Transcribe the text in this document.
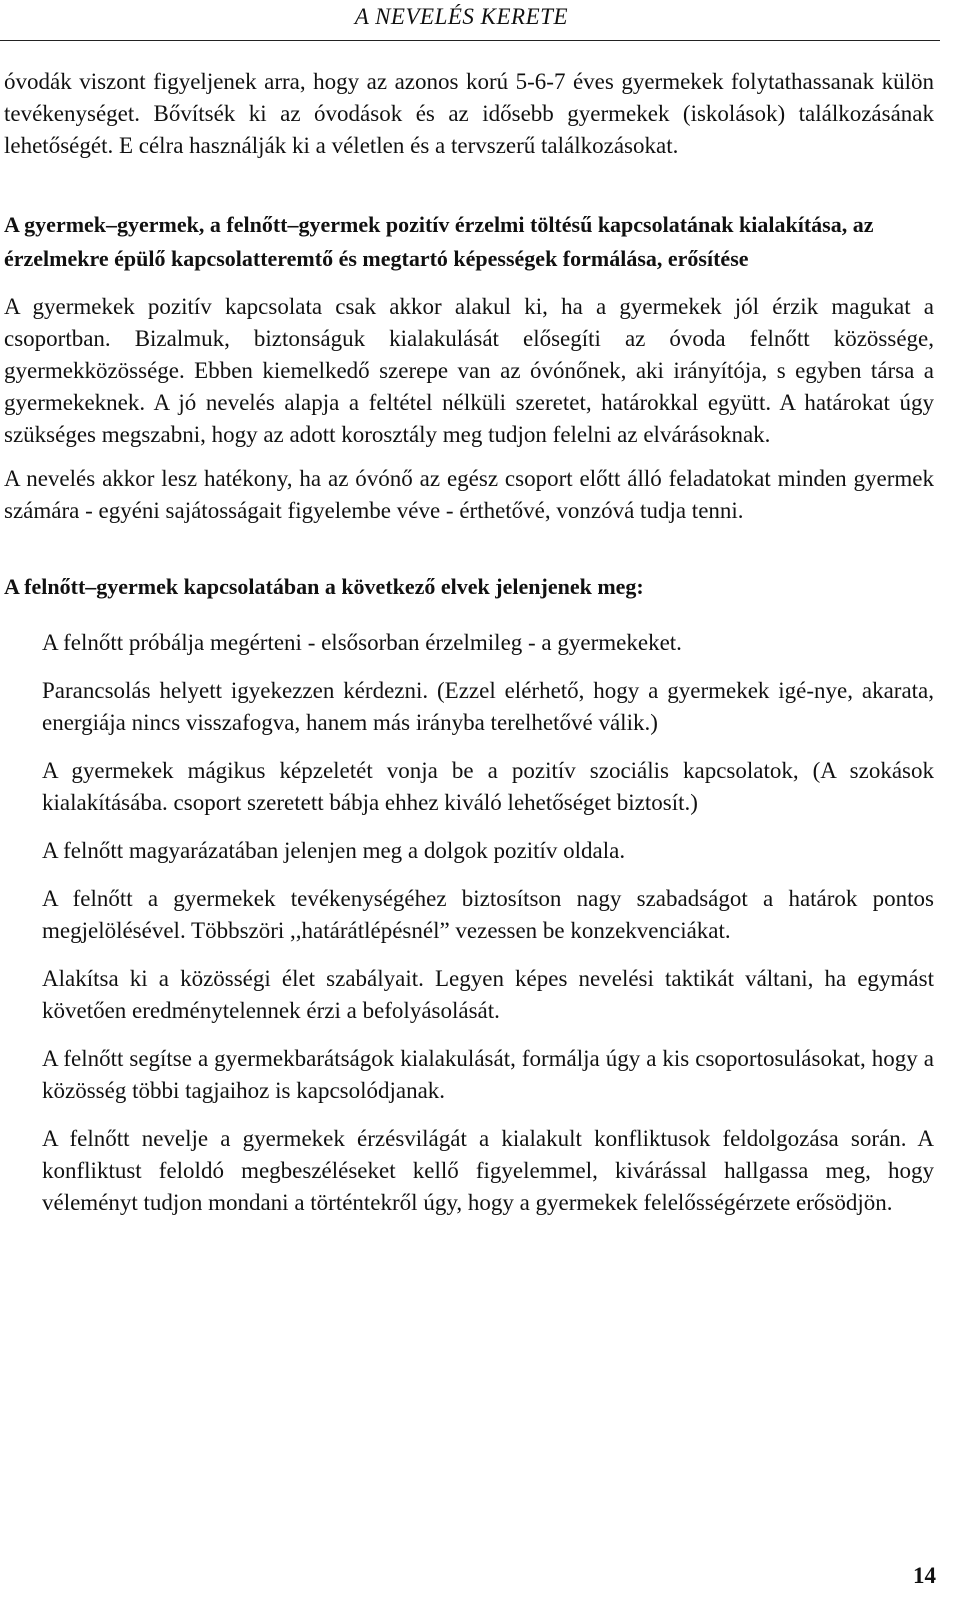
A NEVELÉS KERETE

óvodák viszont figyeljenek arra, hogy az azonos korú 5-6-7 éves gyermekek folytathassanak külön tevékenységet. Bővítsék ki az óvodások és az idősebb gyermekek (iskolások) találkozásának lehetőségét. E célra használják ki a véletlen és a tervszerű találkozásokat.

A gyermek–gyermek, a felnőtt–gyermek pozitív érzelmi töltésű kapcsolatának kialakítása, az érzelmekre épülő kapcsolatteremtő és megtartó képességek formálása, erősítése

A gyermekek pozitív kapcsolata csak akkor alakul ki, ha a gyermekek jól érzik magukat a csoportban. Bizalmuk, biztonságuk kialakulását elősegíti az óvoda felnőtt közössége, gyermekközössége. Ebben kiemelkedő szerepe van az óvónőnek, aki irányítója, s egyben társa a gyermekeknek. A jó nevelés alapja a feltétel nélküli szeretet, határokkal együtt. A határokat úgy szükséges megszabni, hogy az adott korosztály meg tudjon felelni az elvárásoknak.

A nevelés akkor lesz hatékony, ha az óvónő az egész csoport előtt álló feladatokat minden gyermek számára - egyéni sajátosságait figyelembe véve - érthetővé, vonzóvá tudja tenni.

A felnőtt–gyermek kapcsolatában a következő elvek jelenjenek meg:

A felnőtt próbálja megérteni - elsősorban érzelmileg - a gyermekeket.

Parancsolás helyett igyekezzen kérdezni. (Ezzel elérhető, hogy a gyermekek igé-nye, akarata, energiája nincs visszafogva, hanem más irányba terelhetővé válik.)

A gyermekek mágikus képzeletét vonja be a pozitív szociális kapcsolatok, (A szokások kialakításába. csoport szeretett bábja ehhez kiváló lehetőséget biztosít.)

A felnőtt magyarázatában jelenjen meg a dolgok pozitív oldala.

A felnőtt a gyermekek tevékenységéhez biztosítson nagy szabadságot a határok pontos megjelölésével. Többszöri ,,határátlépésnél” vezessen be konzekvenciákat.

Alakítsa ki a közösségi élet szabályait. Legyen képes nevelési taktikát váltani, ha egymást követően eredménytelennek érzi a befolyásolását.

A felnőtt segítse a gyermekbarátságok kialakulását, formálja úgy a kis csoportosulásokat, hogy a közösség többi tagjaihoz is kapcsolódjanak.

A felnőtt nevelje a gyermekek érzésvilágát a kialakult konfliktusok feldolgozása során. A konfliktust feloldó megbeszéléseket kellő figyelemmel, kivárással hallgassa meg, hogy véleményt tudjon mondani a történtekről úgy, hogy a gyermekek felelősségérzete erősödjön.

14
